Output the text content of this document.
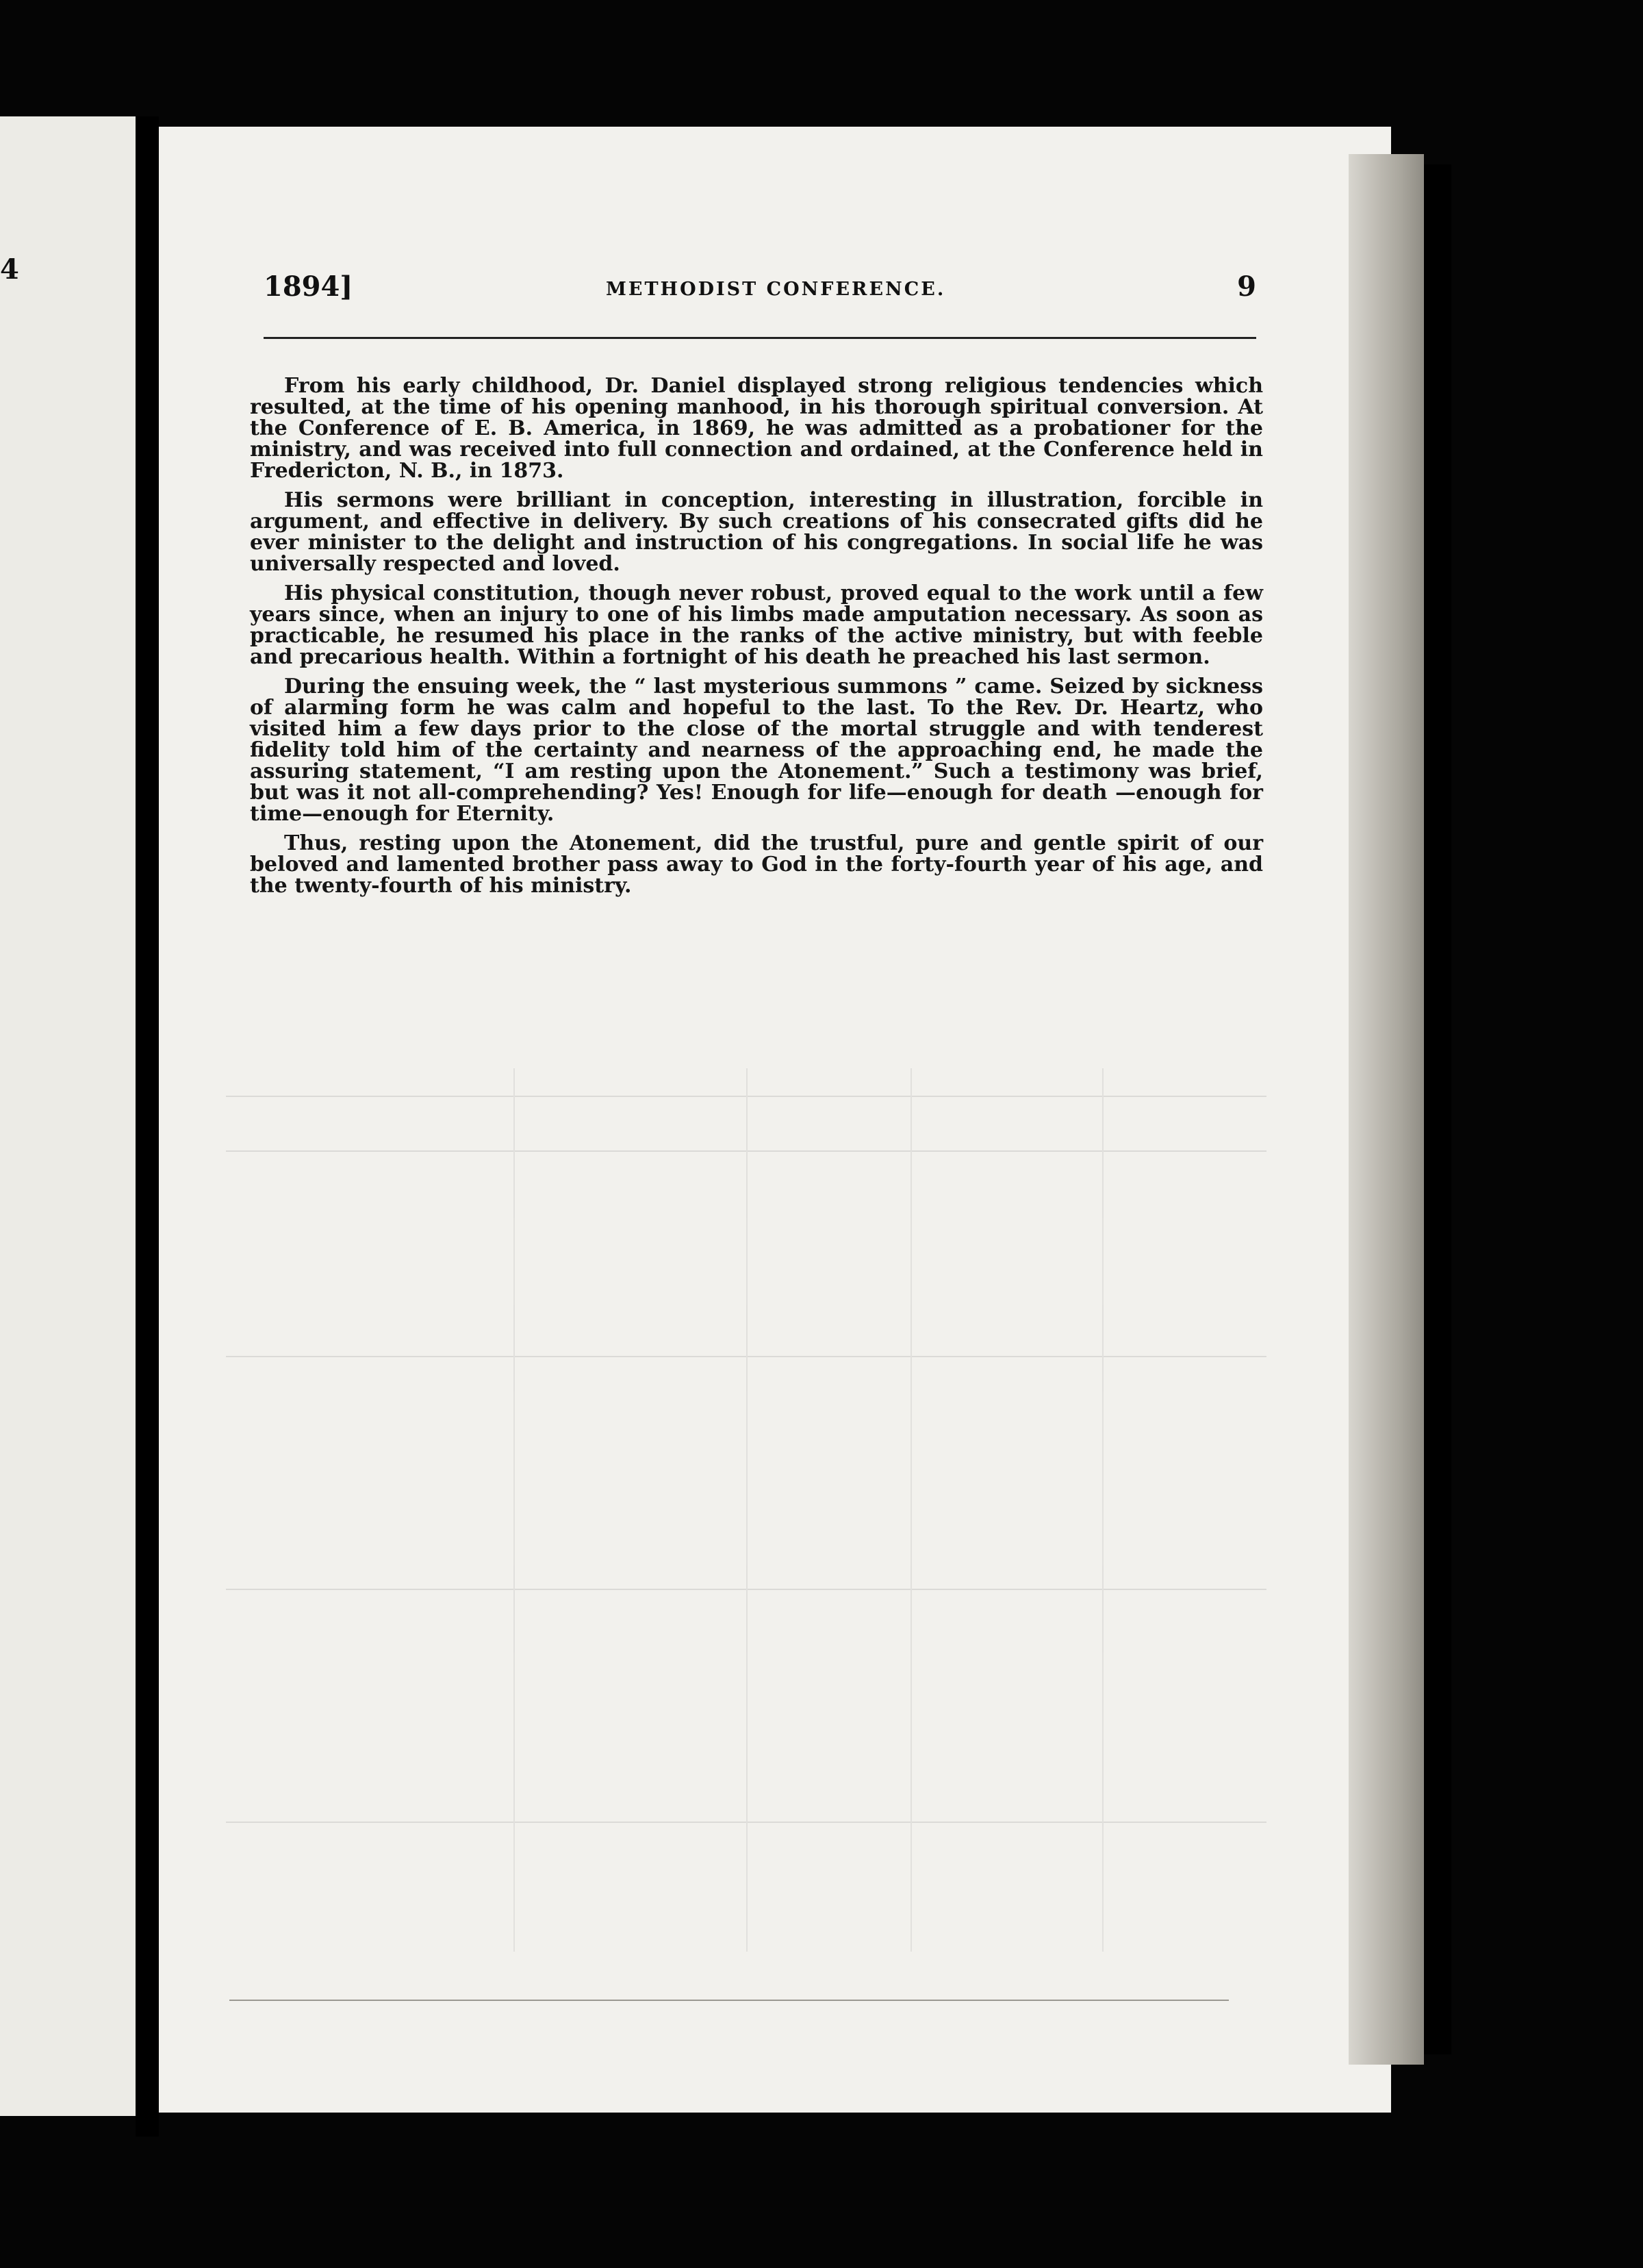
4
1894]	METHODIST CONFERENCE.	9

From his early childhood, Dr. Daniel displayed strong religious tendencies which resulted, at the time of his opening manhood, in his thorough spiritual conversion. At the Conference of E. B. America, in 1869, he was admitted as a probationer for the ministry, and was received into full connection and ordained, at the Conference held in Fredericton, N. B., in 1873.

His sermons were brilliant in conception, interesting in illustration, forcible in argument, and effective in delivery. By such creations of his consecrated gifts did he ever minister to the delight and instruction of his congregations. In social life he was universally respected and loved.

His physical constitution, though never robust, proved equal to the work until a few years since, when an injury to one of his limbs made amputation necessary. As soon as practicable, he resumed his place in the ranks of the active ministry, but with feeble and precarious health. Within a fortnight of his death he preached his last sermon.

During the ensuing week, the “ last mysterious summons ” came. Seized by sickness of alarming form he was calm and hopeful to the last. To the Rev. Dr. Heartz, who visited him a few days prior to the close of the mortal struggle and with tenderest fidelity told him of the certainty and nearness of the approaching end, he made the assuring statement, “I am resting upon the Atonement.” Such a testimony was brief, but was it not all-comprehending? Yes! Enough for life—enough for death —enough for time—enough for Eternity.

Thus, resting upon the Atonement, did the trustful, pure and gentle spirit of our beloved and lamented brother pass away to God in the forty-fourth year of his age, and the twenty-fourth of his ministry.
